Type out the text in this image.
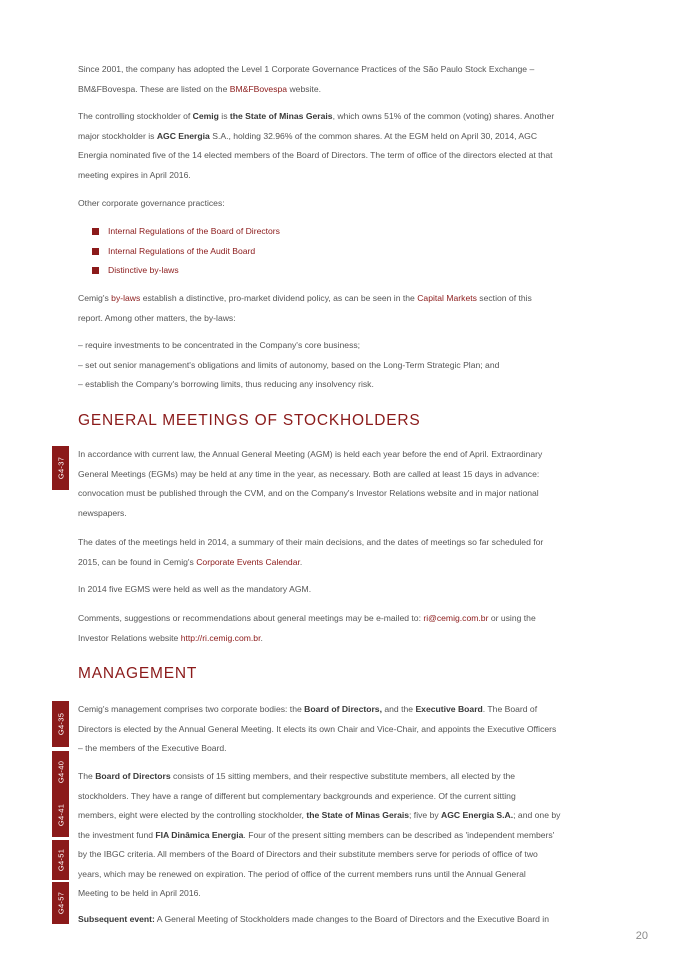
Since 2001, the company has adopted the Level 1 Corporate Governance Practices of the São Paulo Stock Exchange –
BM&FBovespa. These are listed on the BM&FBovespa website.

The controlling stockholder of Cemig is the State of Minas Gerais, which owns 51% of the common (voting) shares. Another
major stockholder is AGC Energia S.A., holding 32.96% of the common shares. At the EGM held on April 30, 2014, AGC
Energia nominated five of the 14 elected members of the Board of Directors. The term of office of the directors elected at that
meeting expires in April 2016.

Other corporate governance practices:

Internal Regulations of the Board of Directors
Internal Regulations of the Audit Board
Distinctive by-laws

Cemig's by-laws establish a distinctive, pro-market dividend policy, as can be seen in the Capital Markets section of this
report. Among other matters, the by-laws:

– require investments to be concentrated in the Company's core business;

– set out senior management's obligations and limits of autonomy, based on the Long-Term Strategic Plan; and

– establish the Company's borrowing limits, thus reducing any insolvency risk.

GENERAL MEETINGS OF STOCKHOLDERS
G4-37

In accordance with current law, the Annual General Meeting (AGM) is held each year before the end of April. Extraordinary
General Meetings (EGMs) may be held at any time in the year, as necessary. Both are called at least 15 days in advance:
convocation must be published through the CVM, and on the Company's Investor Relations website and in major national
newspapers.

The dates of the meetings held in 2014, a summary of their main decisions, and the dates of meetings so far scheduled for
2015, can be found in Cemig's Corporate Events Calendar.

In 2014 five EGMS were held as well as the mandatory AGM.

Comments, suggestions or recommendations about general meetings may be e-mailed to: ri@cemig.com.br or using the
Investor Relations website http://ri.cemig.com.br.

MANAGEMENT
G4-35
G4-40
G4-41
G4-51
G4-57

Cemig's management comprises two corporate bodies: the Board of Directors, and the Executive Board. The Board of
Directors is elected by the Annual General Meeting. It elects its own Chair and Vice-Chair, and appoints the Executive Officers
– the members of the Executive Board.

The Board of Directors consists of 15 sitting members, and their respective substitute members, all elected by the
stockholders. They have a range of different but complementary backgrounds and experience. Of the current sitting
members, eight were elected by the controlling stockholder, the State of Minas Gerais; five by AGC Energia S.A.; and one by
the investment fund FIA Dinâmica Energia. Four of the present sitting members can be described as 'independent members'
by the IBGC criteria. All members of the Board of Directors and their substitute members serve for periods of office of two
years, which may be renewed on expiration. The period of office of the current members runs until the Annual General
Meeting to be held in April 2016.

Subsequent event: A General Meeting of Stockholders made changes to the Board of Directors and the Executive Board in

20
